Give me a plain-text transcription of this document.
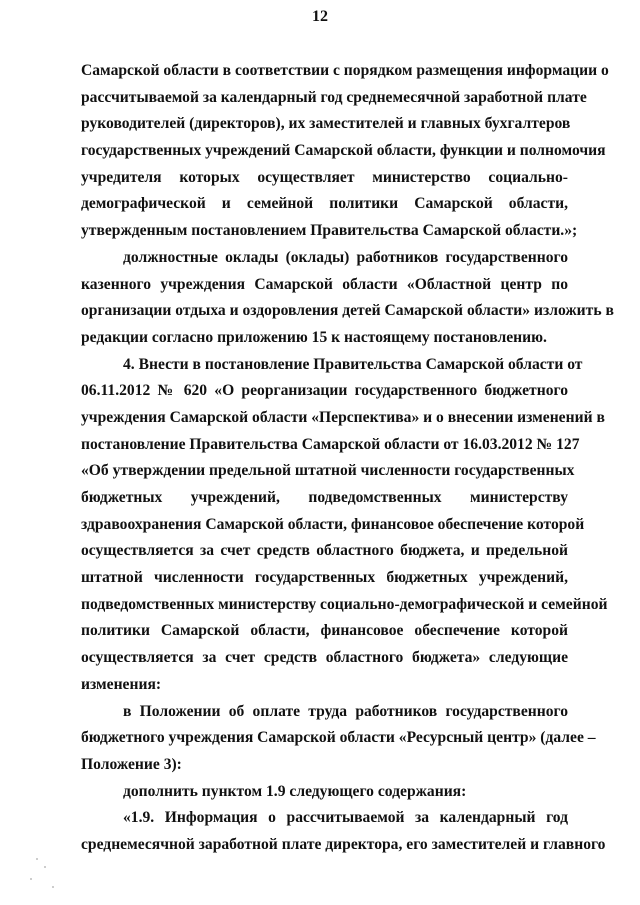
12
Самарской области в соответствии с порядком размещения информации о
рассчитываемой за календарный год среднемесячной заработной плате
руководителей (директоров), их заместителей и главных бухгалтеров
государственных учреждений Самарской области, функции и полномочия
учредителя которых осуществляет министерство социально-
демографической и семейной политики Самарской области,
утвержденным постановлением Правительства Самарской области.»;
должностные оклады (оклады) работников государственного
казенного учреждения Самарской области «Областной центр по
организации отдыха и оздоровления детей Самарской области» изложить в
редакции согласно приложению 15 к настоящему постановлению.
4. Внести в постановление Правительства Самарской области от
06.11.2012 № 620 «О реорганизации государственного бюджетного
учреждения Самарской области «Перспектива» и о внесении изменений в
постановление Правительства Самарской области от 16.03.2012 № 127
«Об утверждении предельной штатной численности государственных
бюджетных учреждений, подведомственных министерству
здравоохранения Самарской области, финансовое обеспечение которой
осуществляется за счет средств областного бюджета, и предельной
штатной численности государственных бюджетных учреждений,
подведомственных министерству социально-демографической и семейной
политики Самарской области, финансовое обеспечение которой
осуществляется за счет средств областного бюджета» следующие
изменения:
в Положении об оплате труда работников государственного
бюджетного учреждения Самарской области «Ресурсный центр» (далее –
Положение 3):
дополнить пунктом 1.9 следующего содержания:
«1.9. Информация о рассчитываемой за календарный год
среднемесячной заработной плате директора, его заместителей и главного
